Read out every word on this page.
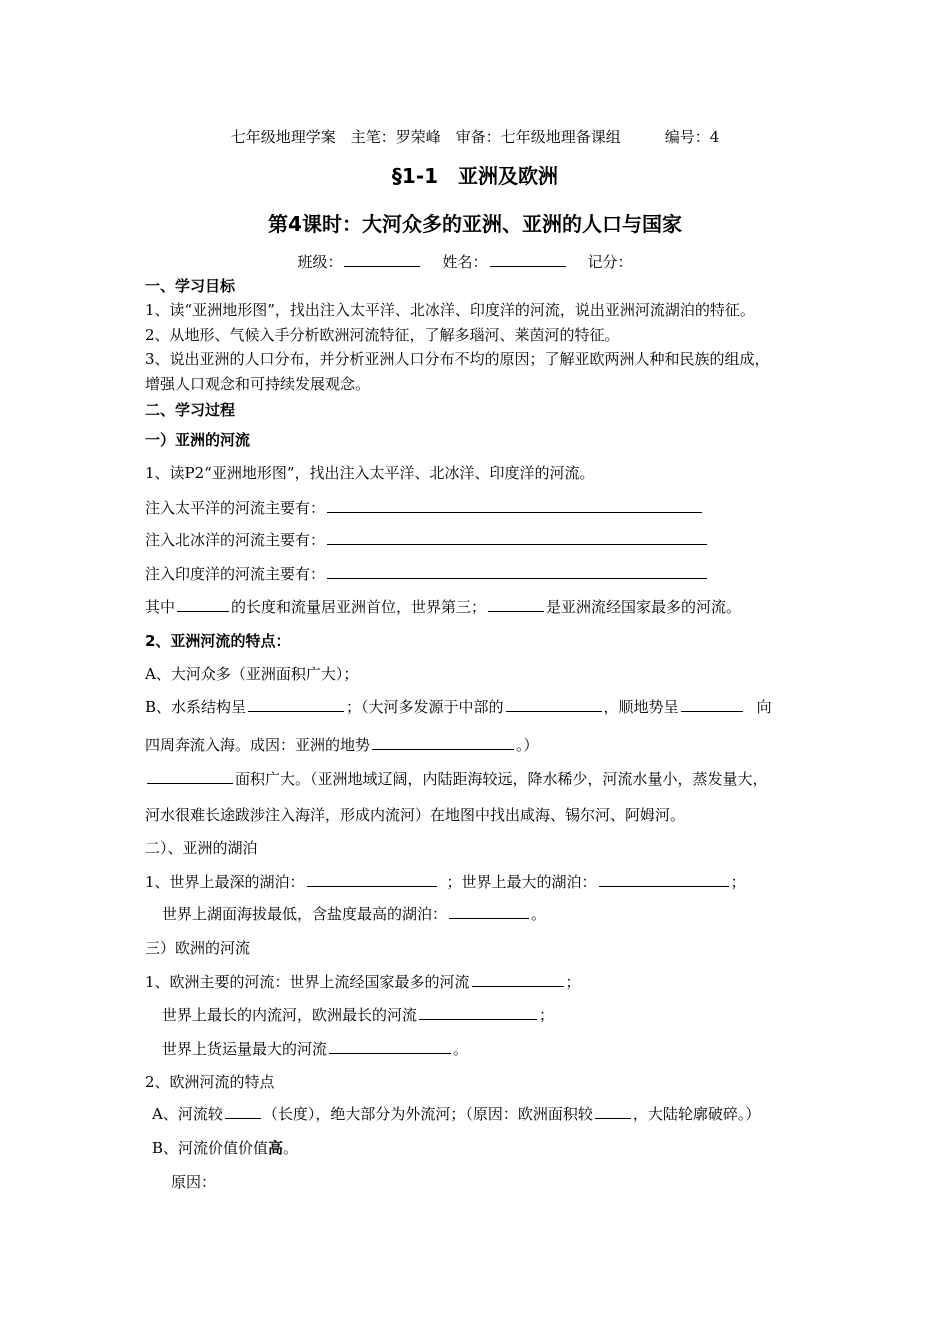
七年级地理学案　主笔：罗荣峰　审备：七年级地理备课组	编号：4
§1-1　亚洲及欧洲
第4课时：大河众多的亚洲、亚洲的人口与国家
班级：	姓名：	记分：
一、学习目标
1、读“亚洲地形图”，找出注入太平洋、北冰洋、印度洋的河流，说出亚洲河流湖泊的特征。
2、从地形、气候入手分析欧洲河流特征，了解多瑙河、莱茵河的特征。
3、说出亚洲的人口分布，并分析亚洲人口分布不均的原因；了解亚欧两洲人种和民族的组成，
增强人口观念和可持续发展观念。
二、学习过程
一）亚洲的河流
1、读P2“亚洲地形图”，找出注入太平洋、北冰洋、印度洋的河流。
注入太平洋的河流主要有：
注入北冰洋的河流主要有：
注入印度洋的河流主要有：
其中	的长度和流量居亚洲首位，世界第三；	是亚洲流经国家最多的河流。
2、亚洲河流的特点：
A、大河众多（亚洲面积广大）；
B、水系结构呈	；（大河多发源于中部的	，顺地势呈	向
四周奔流入海。成因：亚洲的地势	。）
面积广大。（亚洲地域辽阔，内陆距海较远，降水稀少，河流水量小，蒸发量大，
河水很难长途跋涉注入海洋，形成内流河）在地图中找出咸海、锡尔河、阿姆河。
二）、亚洲的湖泊
1、世界上最深的湖泊：	；世界上最大的湖泊：	；
世界上湖面海拔最低，含盐度最高的湖泊：	。
三）欧洲的河流
1、欧洲主要的河流：世界上流经国家最多的河流	；
世界上最长的内流河，欧洲最长的河流	；
世界上货运量最大的河流	。
2、欧洲河流的特点
A、河流较	（长度），绝大部分为外流河；（原因：欧洲面积较	，大陆轮廓破碎。）
B、河流价值价值高。
原因：
